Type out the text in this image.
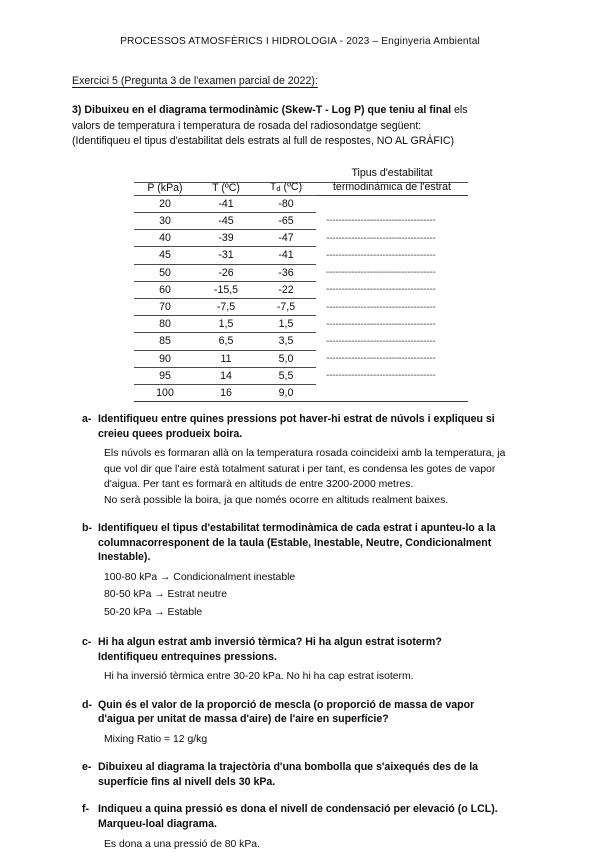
PROCESSOS ATMOSFÈRICS I HIDROLOGIA - 2023 – Enginyeria Ambiental
Exercici 5 (Pregunta 3 de l'examen parcial de 2022):
3) Dibuixeu en el diagrama termodinàmic (Skew-T - Log P) que teniu al final els
valors de temperatura i temperatura de rosada del radiosondatge següent:
(Identifiqueu el tipus d'estabilitat dels estrats al full de respostes, NO AL GRÀFIC)
P (kPa)	T (ºC)	Td (ºC)	Tipus d'estabilitat
termodinàmica de l'estrat
20	-41	-80	
30	-45	-65	-----------------------------------
40	-39	-47	-----------------------------------
45	-31	-41	-----------------------------------
50	-26	-36	-----------------------------------
60	-15,5	-22	-----------------------------------
70	-7,5	-7,5	-----------------------------------
80	1,5	1,5	-----------------------------------
85	6,5	3,5	-----------------------------------
90	11	5,0	-----------------------------------
95	14	5,5	-----------------------------------
100	16	9,0	
a- Identifiqueu entre quines pressions pot haver-hi estrat de núvols i expliqueu si
creieu quees produeix boira.
Els núvols es formaran allà on la temperatura rosada coincideixi amb la temperatura, ja
que vol dir que l'aire està totalment saturat i per tant, es condensa les gotes de vapor
d'aigua. Per tant es formarà en altituds de entre 3200-2000 metres.
No serà possible la boira, ja que només ocorre en altituds realment baixes.
b- Identifiqueu el tipus d'estabilitat termodinàmica de cada estrat i apunteu-lo a la
columnacorresponent de la taula (Estable, Inestable, Neutre, Condicionalment
Inestable).
100-80 kPa → Condicionalment inestable
80-50 kPa → Estrat neutre
50-20 kPa → Estable
c- Hi ha algun estrat amb inversió tèrmica? Hi ha algun estrat isoterm?
Identifiqueu entrequines pressions.
Hi ha inversió tèrmica entre 30-20 kPa. No hi ha cap estrat isoterm.
d- Quin és el valor de la proporció de mescla (o proporció de massa de vapor
d'aigua per unitat de massa d'aire) de l'aire en superfície?
Mixing Ratio = 12 g/kg
e- Dibuixeu al diagrama la trajectòria d'una bombolla que s'aixequés des de la
superfície fins al nivell dels 30 kPa.
f- Indiqueu a quina pressió es dona el nivell de condensació per elevació (o LCL).
Marqueu-loal diagrama.
Es dona a una pressió de 80 kPa.
